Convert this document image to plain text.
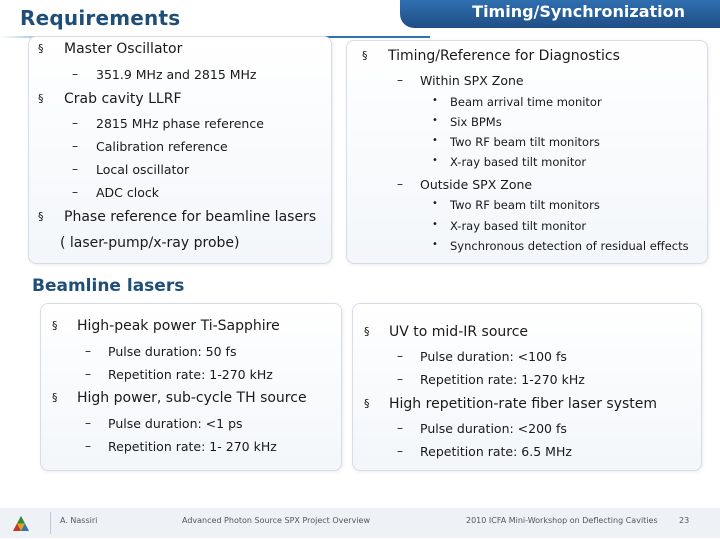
Requirements	Timing/Synchronization
§ Master Oscillator
– 351.9 MHz and 2815 MHz
§ Crab cavity LLRF
– 2815 MHz phase reference
– Calibration reference
– Local oscillator
– ADC clock
§ Phase reference for beamline lasers
( laser-pump/x-ray probe)
§ Timing/Reference for Diagnostics
– Within SPX Zone
• Beam arrival time monitor
• Six BPMs
• Two RF beam tilt monitors
• X-ray based tilt monitor
– Outside SPX Zone
• Two RF beam tilt monitors
• X-ray based tilt monitor
• Synchronous detection of residual effects
Beamline lasers
§ High-peak power Ti-Sapphire
– Pulse duration: 50 fs
– Repetition rate: 1-270 kHz
§ High power, sub-cycle TH source
– Pulse duration: <1 ps
– Repetition rate: 1- 270 kHz
§ UV to mid-IR source
– Pulse duration: <100 fs
– Repetition rate: 1-270 kHz
§ High repetition-rate fiber laser system
– Pulse duration: <200 fs
– Repetition rate: 6.5 MHz
A. Nassiri	Advanced Photon Source SPX Project Overview	2010 ICFA Mini-Workshop on Deflecting Cavities	23
